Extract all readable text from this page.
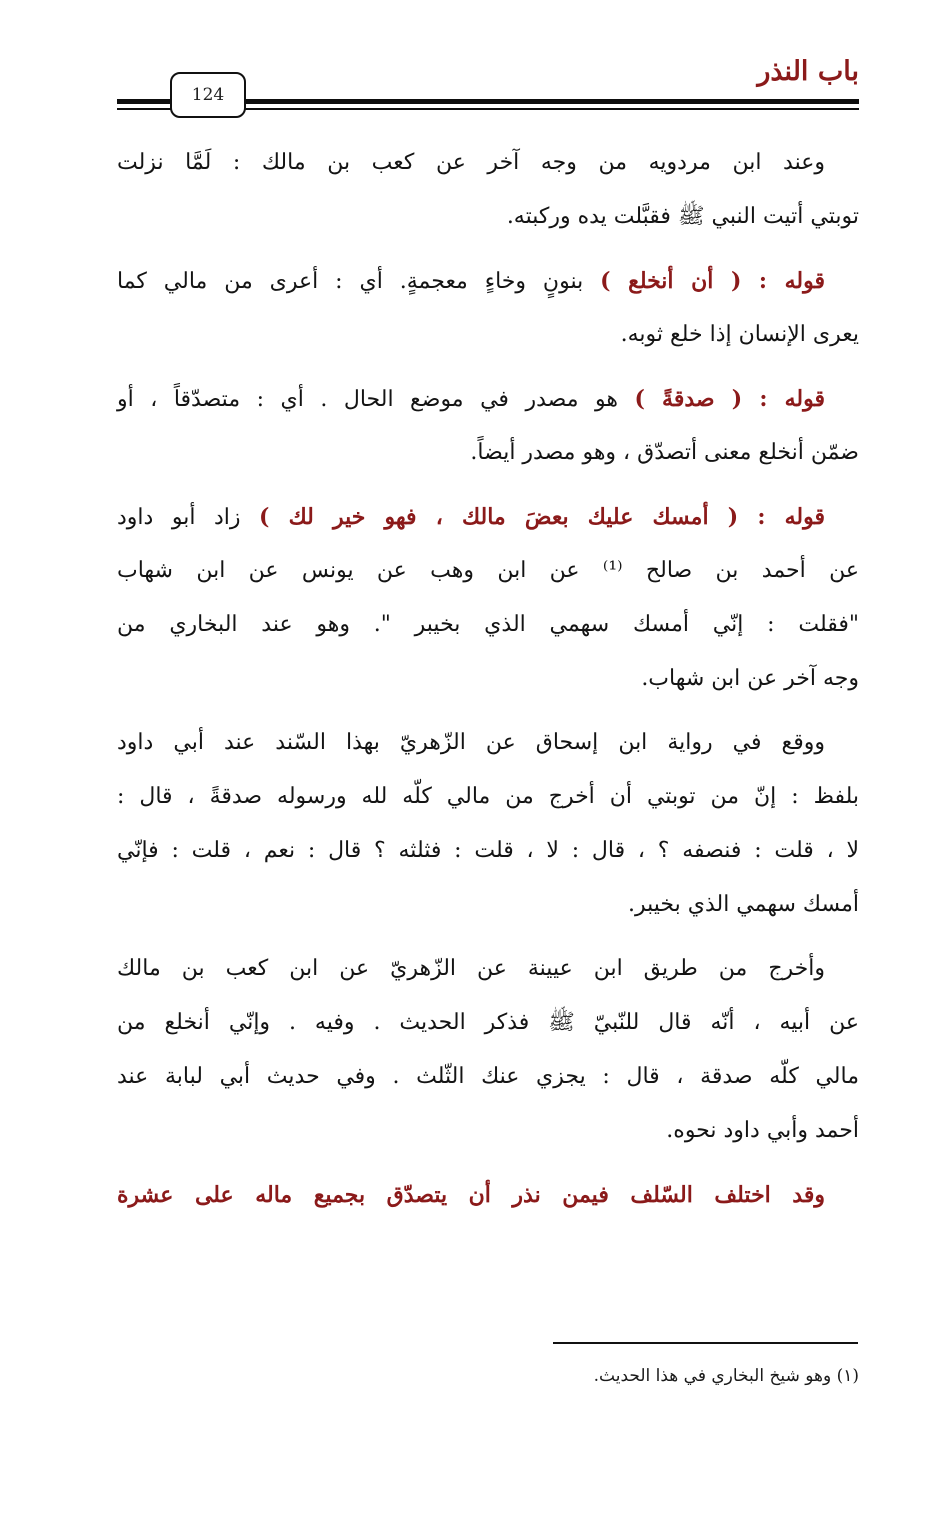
باب النذر
124
وعند ابن مردويه من وجه آخر عن كعب بن مالك : لَمَّا نزلت
توبتي أتيت النبي ﷺ فقبَّلت يده وركبته.
قوله : ( أن أنخلع ) بنونٍ وخاءٍ معجمةٍ. أي : أعرى من مالي كما
يعرى الإنسان إذا خلع ثوبه.
قوله : ( صدقةً ) هو مصدر في موضع الحال . أي : متصدّقاً ، أو
ضمّن أنخلع معنى أتصدّق ، وهو مصدر أيضاً.
قوله : ( أمسك عليك بعضَ مالك ، فهو خير لك ) زاد أبو داود
عن أحمد بن صالح ⁽¹⁾ عن ابن وهب عن يونس عن ابن شهاب
"فقلت : إنّي أمسك سهمي الذي بخيبر ". وهو عند البخاري من
وجه آخر عن ابن شهاب.
ووقع في رواية ابن إسحاق عن الزّهريّ بهذا السّند عند أبي داود
بلفظ : إنّ من توبتي أن أخرج من مالي كلّه لله ورسوله صدقةً ، قال :
لا ، قلت : فنصفه ؟ ، قال : لا ، قلت : فثلثه ؟ قال : نعم ، قلت : فإنّي
أمسك سهمي الذي بخيبر.
وأخرج من طريق ابن عيينة عن الزّهريّ عن ابن كعب بن مالك
عن أبيه ، أنّه قال للنّبيّ ﷺ فذكر الحديث . وفيه . وإنّي أنخلع من
مالي كلّه صدقة ، قال : يجزي عنك الثّلث . وفي حديث أبي لبابة عند
أحمد وأبي داود نحوه.
وقد اختلف السّلف فيمن نذر أن يتصدّق بجميع ماله على عشرة
(١) وهو شيخ البخاري في هذا الحديث.
